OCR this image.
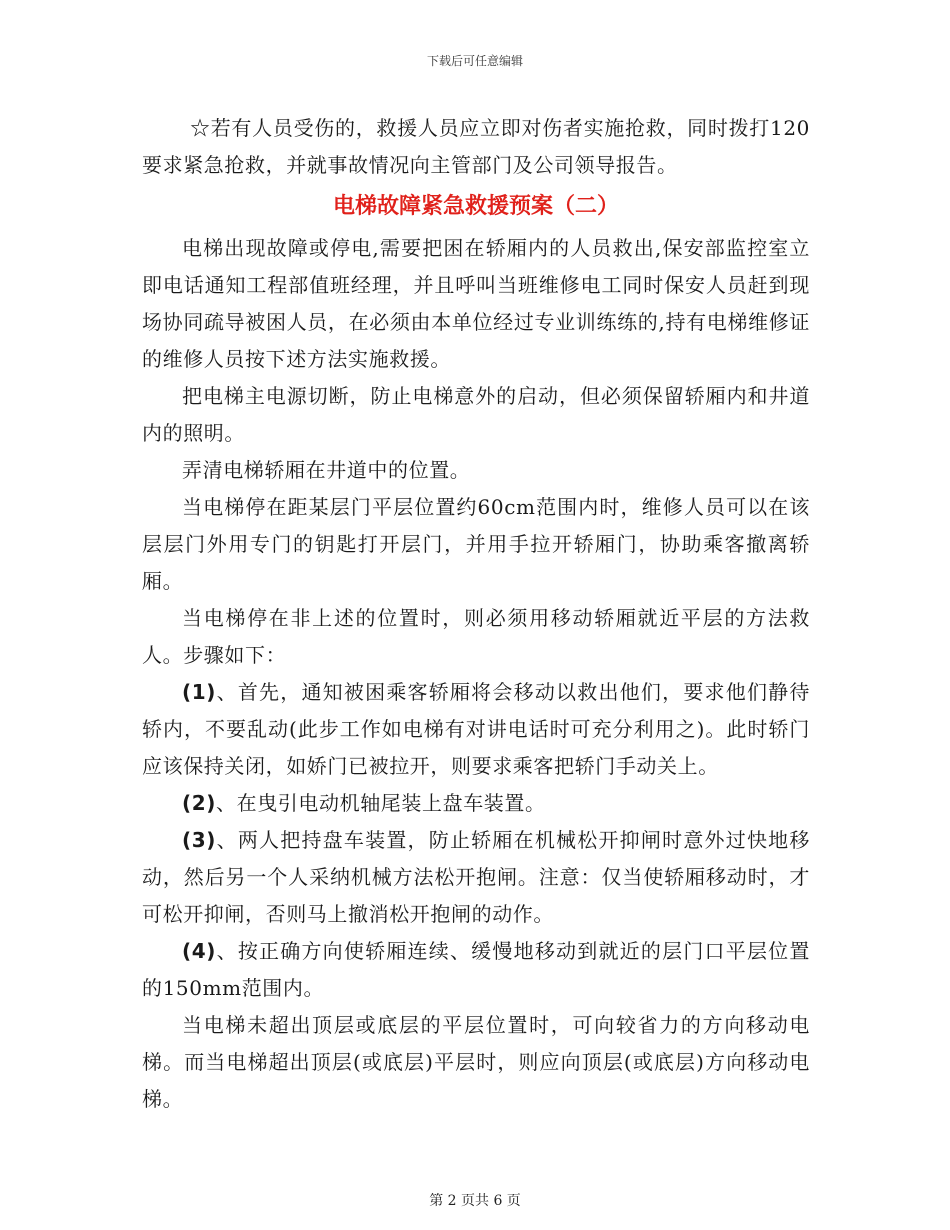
下载后可任意编辑

☆若有人员受伤的，救援人员应立即对伤者实施抢救，同时拨打120要求紧急抢救，并就事故情况向主管部门及公司领导报告。

电梯故障紧急救援预案（二）

电梯出现故障或停电,需要把困在轿厢内的人员救出,保安部监控室立即电话通知工程部值班经理，并且呼叫当班维修电工同时保安人员赶到现场协同疏导被困人员，在必须由本单位经过专业训练练的,持有电梯维修证的维修人员按下述方法实施救援。

把电梯主电源切断，防止电梯意外的启动，但必须保留轿厢内和井道内的照明。

弄清电梯轿厢在井道中的位置。

当电梯停在距某层门平层位置约60cm范围内时，维修人员可以在该层层门外用专门的钥匙打开层门，并用手拉开轿厢门，协助乘客撤离轿厢。

当电梯停在非上述的位置时，则必须用移动轿厢就近平层的方法救人。步骤如下：

(1)、首先，通知被困乘客轿厢将会移动以救出他们，要求他们静待轿内，不要乱动(此步工作如电梯有对讲电话时可充分利用之)。此时轿门应该保持关闭，如娇门已被拉开，则要求乘客把轿门手动关上。

(2)、在曳引电动机轴尾装上盘车装置。

(3)、两人把持盘车装置，防止轿厢在机械松开抑闸时意外过快地移动，然后另一个人采纳机械方法松开抱闸。注意：仅当使轿厢移动时，才可松开抑闸，否则马上撤消松开抱闸的动作。

(4)、按正确方向使轿厢连续、缓慢地移动到就近的层门口平层位置的150mm范围内。

当电梯未超出顶层或底层的平层位置时，可向较省力的方向移动电梯。而当电梯超出顶层(或底层)平层时，则应向顶层(或底层)方向移动电梯。

第 2 页共 6 页
